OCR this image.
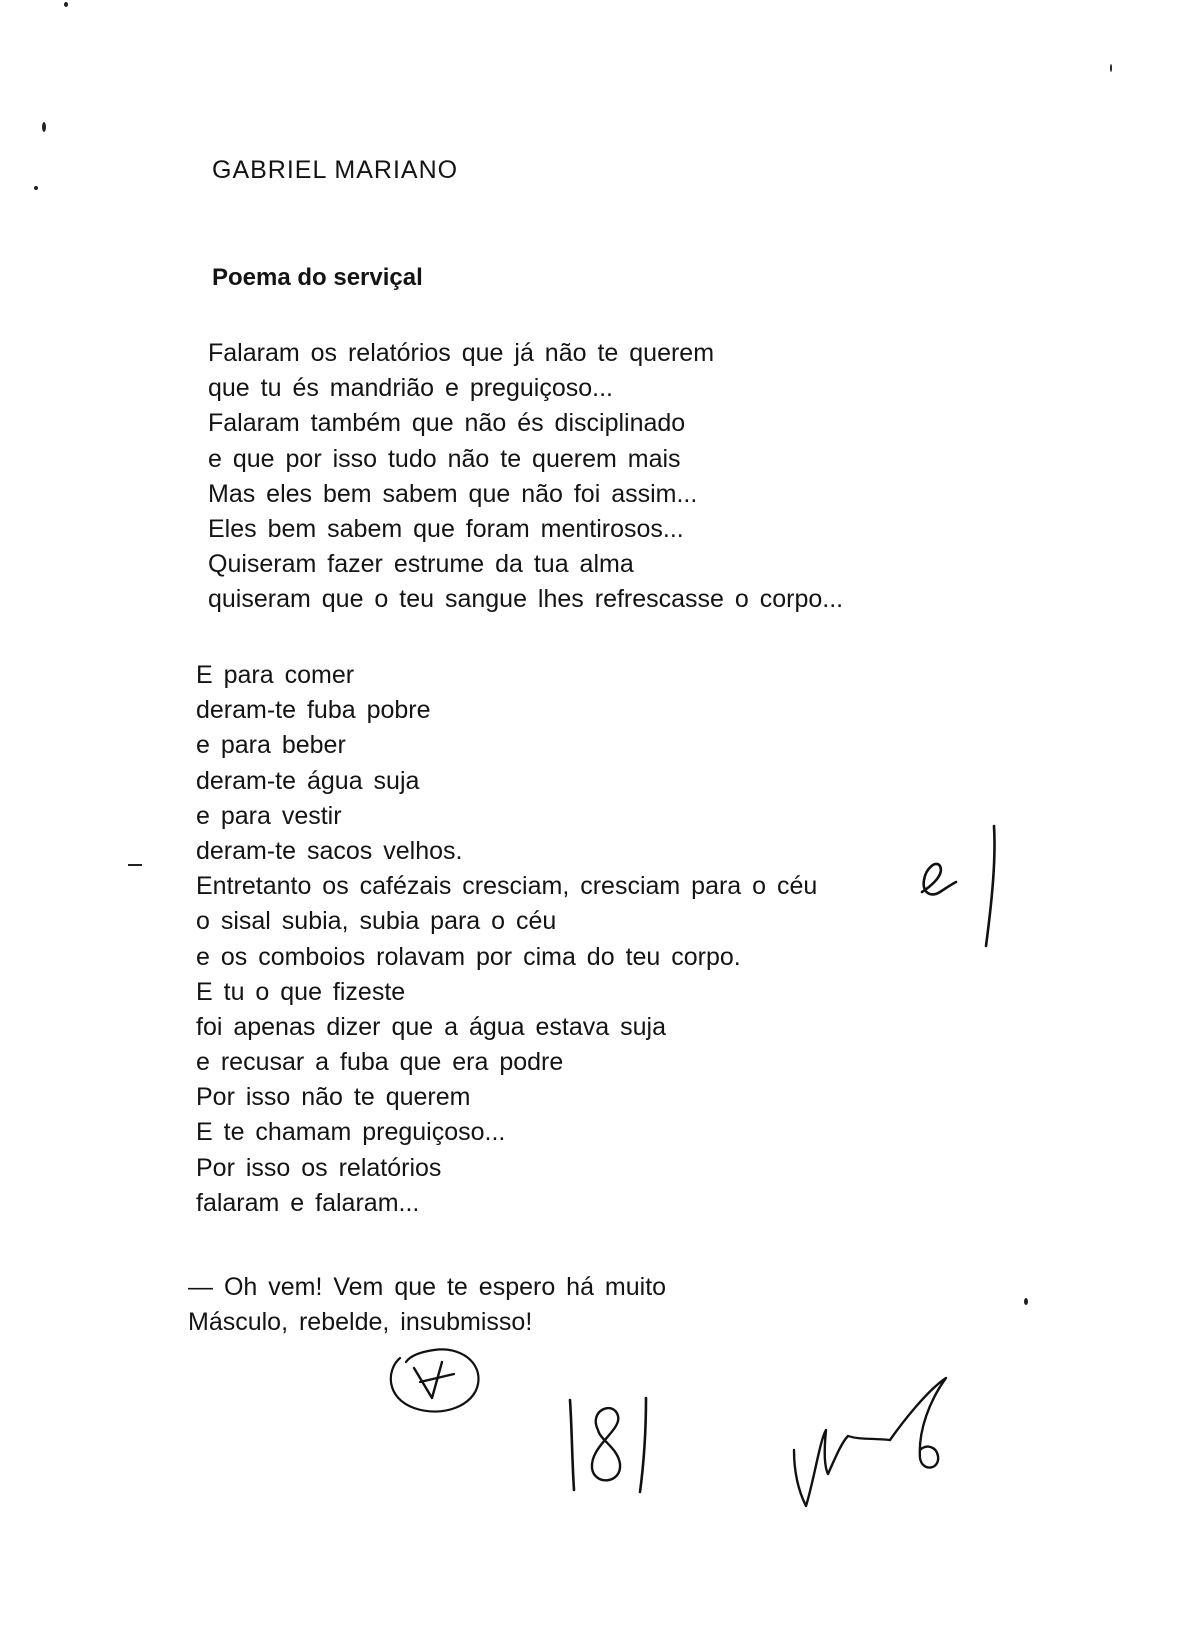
GABRIEL MARIANO
Poema do serviçal
Falaram os relatórios que já não te querem
que tu és mandrião e preguiçoso...
Falaram também que não és disciplinado
e que por isso tudo não te querem mais
Mas eles bem sabem que não foi assim...
Eles bem sabem que foram mentirosos...
Quiseram fazer estrume da tua alma
quiseram que o teu sangue lhes refrescasse o corpo...
E para comer
deram-te fuba pobre
e para beber
deram-te água suja
e para vestir
deram-te sacos velhos.
Entretanto os cafézais cresciam, cresciam para o céu
o sisal subia, subia para o céu
e os comboios rolavam por cima do teu corpo.
E tu o que fizeste
foi apenas dizer que a água estava suja
e recusar a fuba que era podre
Por isso não te querem
E te chamam preguiçoso...
Por isso os relatórios
falaram e falaram...
— Oh vem! Vem que te espero há muito
Másculo, rebelde, insubmisso!
